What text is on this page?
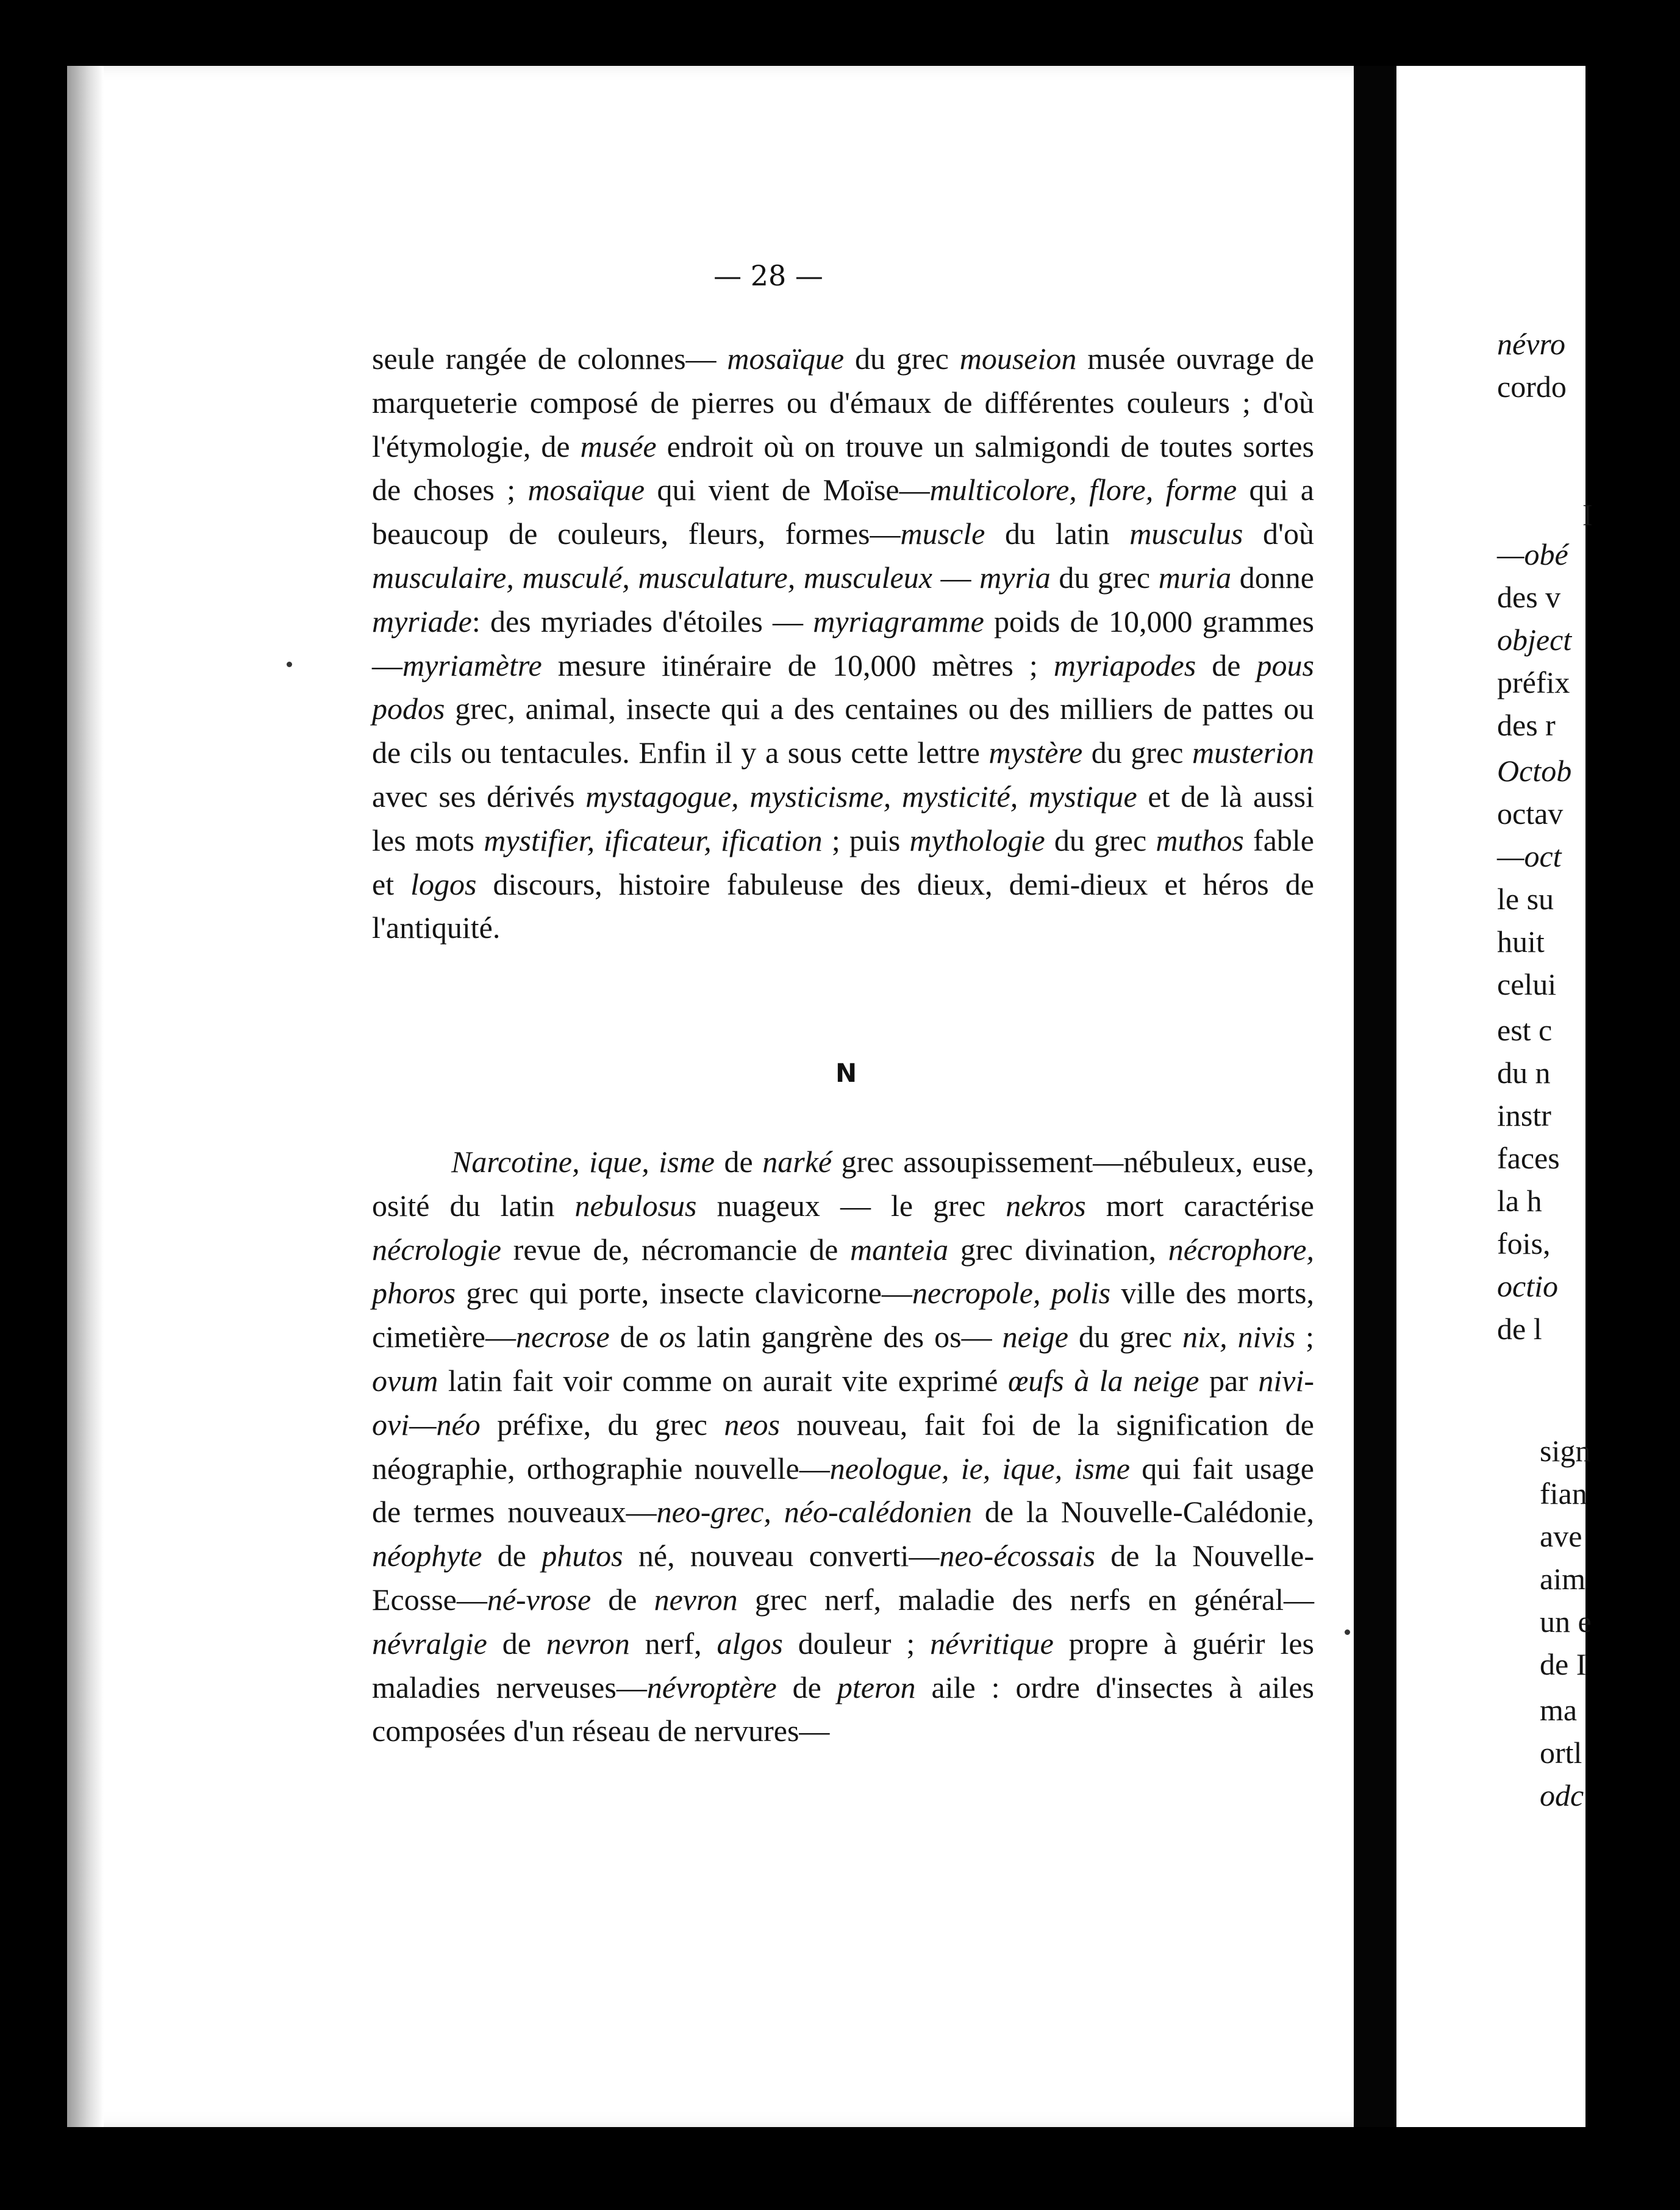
— 28 —

seule rangée de colonnes— mosaïque du grec mouseion musée ouvrage de marqueterie composé de pierres ou d'émaux de différentes couleurs ; d'où l'étymologie, de musée endroit où on trouve un salmigondi de toutes sortes de choses ; mosaïque qui vient de Moïse—multicolore, flore, forme qui a beaucoup de couleurs, fleurs, formes—muscle du latin musculus d'où musculaire, musculé, musculature, musculeux — myria du grec muria donne myriade: des myriades d'étoiles — myriagramme poids de 10,000 grammes—myriamètre mesure itinéraire de 10,000 mètres ; myriapodes de pous podos grec, animal, insecte qui a des centaines ou des milliers de pattes ou de cils ou tentacules. Enfin il y a sous cette lettre mystère du grec musterion avec ses dérivés mystagogue, mysticisme, mysticité, mystique et de là aussi les mots mystifier, ificateur, ification ; puis mythologie du grec muthos fable et logos discours, histoire fabuleuse des dieux, demi-dieux et héros de l'antiquité.

N

Narcotine, ique, isme de narké grec assoupissement—nébuleux, euse, osité du latin nebulosus nuageux — le grec nekros mort caractérise nécrologie revue de, nécromancie de manteia grec divination, nécrophore, phoros grec qui porte, insecte clavicorne—necropole, polis ville des morts, cimetière—necrose de os latin gangrène des os— neige du grec nix, nivis ; ovum latin fait voir comme on aurait vite exprimé œufs à la neige par nivi-ovi—néo préfixe, du grec neos nouveau, fait foi de la signification de néographie, orthographie nouvelle—neologue, ie, ique, isme qui fait usage de termes nouveaux—neo-grec, néo-calédonien de la Nouvelle-Calédonie, néophyte de phutos né, nouveau converti—neo-écossais de la Nouvelle-Ecosse—né-vrose de nevron grec nerf, maladie des nerfs en général—névralgie de nevron nerf, algos douleur ; névritique propre à guérir les maladies nerveuses—névroptère de pteron aile : ordre d'insectes à ailes composées d'un réseau de nervures—

névro
cordo
I
—obé
des v
object
préfix
des r
Octob
octav
—oct
le su
huit
celui
est c
du n
instr
faces
la h
fois,
octio
de l
sign
fian
ave
aim
un e
de I
ma
ortl
odc
